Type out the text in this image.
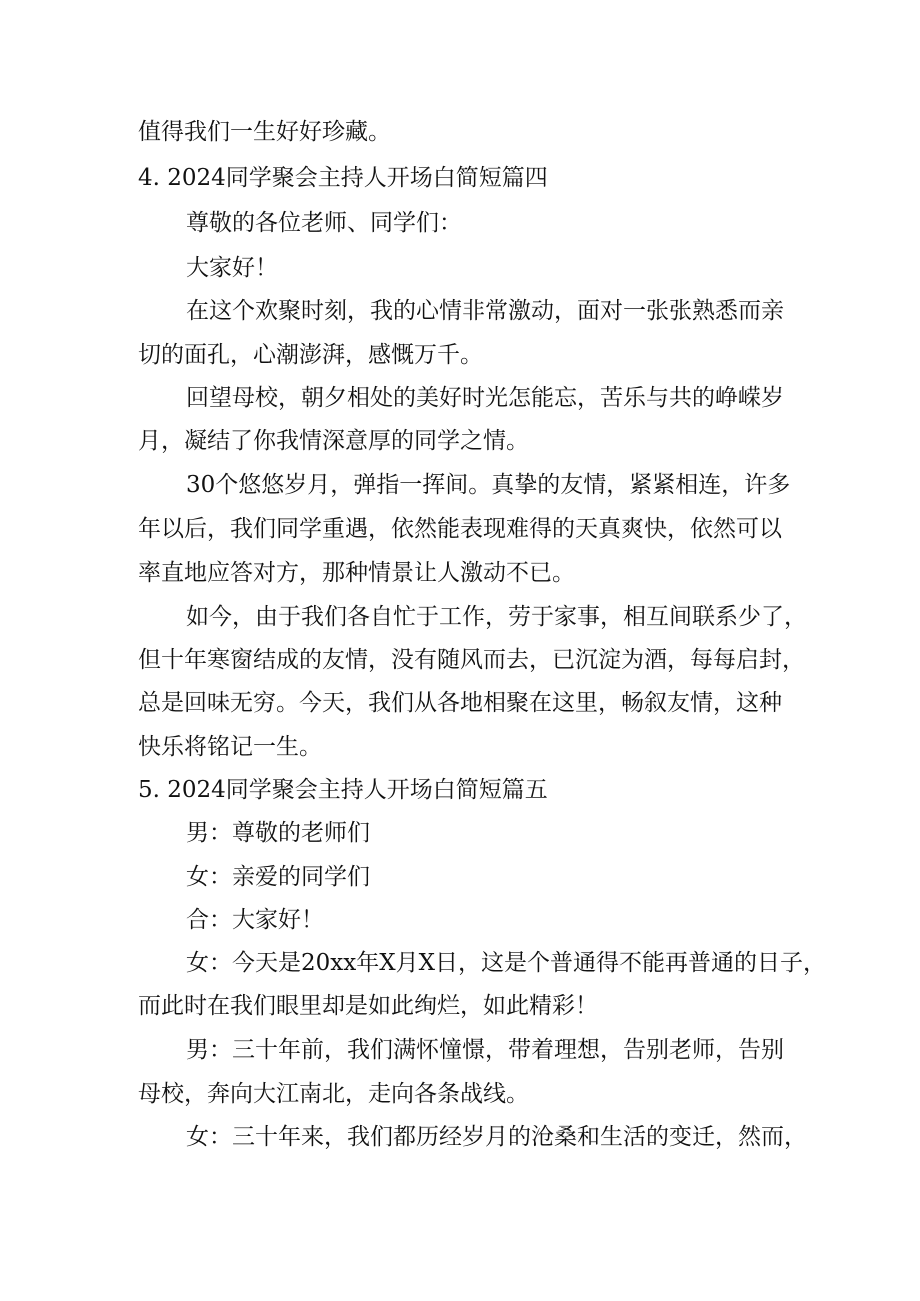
值得我们一生好好珍藏。
4. 2024同学聚会主持人开场白简短篇四
尊敬的各位老师、同学们：
大家好！
在这个欢聚时刻，我的心情非常激动，面对一张张熟悉而亲
切的面孔，心潮澎湃，感慨万千。
回望母校，朝夕相处的美好时光怎能忘，苦乐与共的峥嵘岁
月，凝结了你我情深意厚的同学之情。
30个悠悠岁月，弹指一挥间。真挚的友情，紧紧相连，许多
年以后，我们同学重遇，依然能表现难得的天真爽快，依然可以
率直地应答对方，那种情景让人激动不已。
如今，由于我们各自忙于工作，劳于家事，相互间联系少了，
但十年寒窗结成的友情，没有随风而去，已沉淀为酒，每每启封，
总是回味无穷。今天，我们从各地相聚在这里，畅叙友情，这种
快乐将铭记一生。
5. 2024同学聚会主持人开场白简短篇五
男：尊敬的老师们
女：亲爱的同学们
合：大家好！
女：今天是20xx年X月X日，这是个普通得不能再普通的日子，
而此时在我们眼里却是如此绚烂，如此精彩！
男：三十年前，我们满怀憧憬，带着理想，告别老师，告别
母校，奔向大江南北，走向各条战线。
女：三十年来，我们都历经岁月的沧桑和生活的变迁，然而，
